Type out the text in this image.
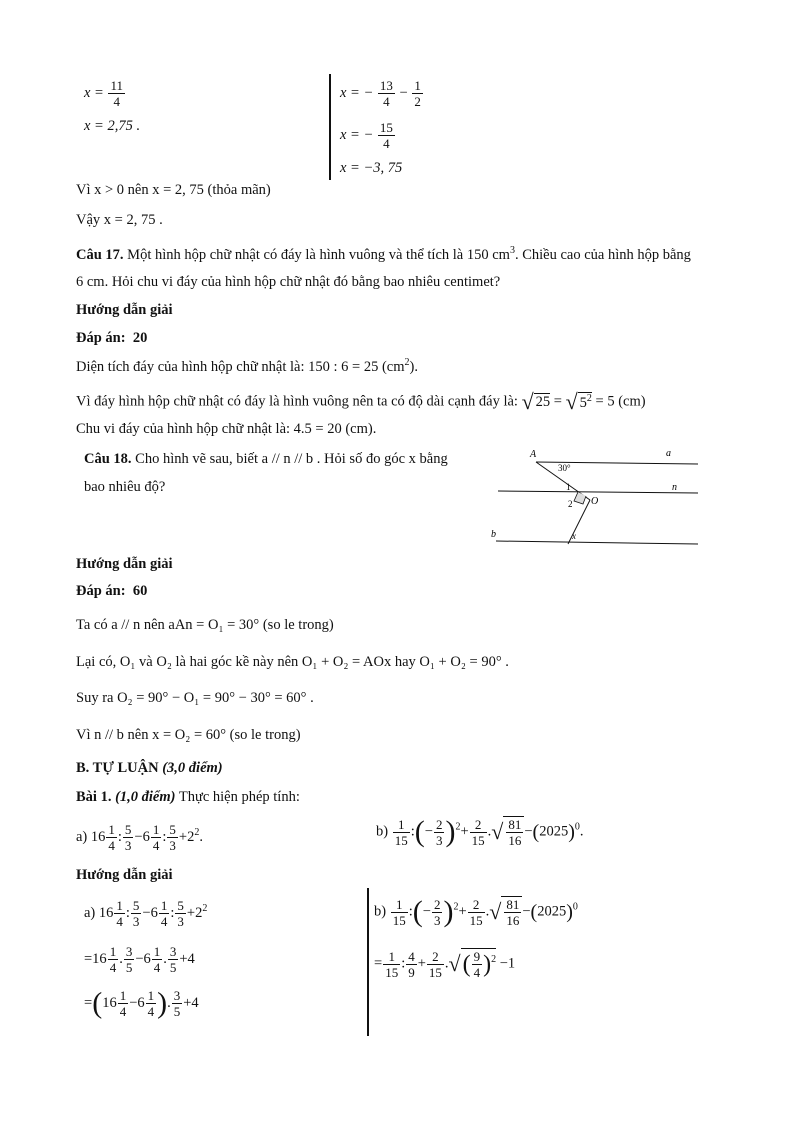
$x = \frac{11}{4}$
x = 2,75 .
x = − $\frac{13}{4} - \frac{1}{2}$
x = − $\frac{15}{4}$
x = −3, 75
Vì x > 0 nên x = 2, 75 (thỏa mãn)
Vậy x = 2, 75 .
Câu 17. Một hình hộp chữ nhật có đáy là hình vuông và thể tích là 150 $cm^3$. Chiều cao của hình hộp bằng
6 cm. Hỏi chu vi đáy của hình hộp chữ nhật đó bằng bao nhiêu centimet?
Hướng dẫn giải
Đáp án: 20
Diện tích đáy của hình hộp chữ nhật là: 150 : 6 = 25 $(cm^2)$.
Vì đáy hình hộp chữ nhật có đáy là hình vuông nên ta có độ dài cạnh đáy là: √ 25 = √ $5^2 = 5$ (cm)
Chu vi đáy của hình hộp chữ nhật là: 4.5 = 20 (cm).
Câu 18. Cho hình vẽ sau, biết a // n // b . Hỏi số đo góc x bằng
bao nhiêu độ?
A
30°
a
n
1
2 O
b	x
Hướng dẫn giải
Đáp án: 60
Ta có a // n nên aAn = O₁ = 30° (so le trong)
Lại có, O₁ và O₂ là hai góc kề này nên O₁ + O₂ = AOx hay O₁ + O₂ = 90° .
Suy ra O₂ = 90° − O₁ = 90° − 30° = 60° .
Vì n // b nên x = O₂ = 60° (so le trong)
B. TỰ LUẬN (3,0 điểm)
Bài 1. (1,0 điểm) Thực hiện phép tính:
a) $16 \frac{1}{4}$ : $\frac{5}{3} -6 \frac{1}{4}$ : $\frac{5}{3} +2^2$.	$b) \frac{1}{15}$ :(− $\frac{2}{3} )^2+ \frac{2}{15}$ .√ $\frac{81}{16} -(2025)^0$.
Hướng dẫn giải
a) $16 \frac{1}{4}$ : $\frac{5}{3} -6 \frac{1}{4}$ : $\frac{5}{3} +2^2$
$=16 \frac{1}{4}$ . $\frac{3}{5} -6 \frac{1}{4}$ . $\frac{3}{5} +4$
$=(16 \frac{1}{4} -6 \frac{1}{4}$ ). $\frac{3}{5} +4$
$b) \frac{1}{15}$ :(− $\frac{2}{3} )^2+ \frac{2}{15}$ .√ $\frac{81}{16} -(2025)^0$
= $\frac{1}{15}$ : $\frac{4}{9} + \frac{2}{15}$ .√( $\frac{9}{4} )^2 -1$
